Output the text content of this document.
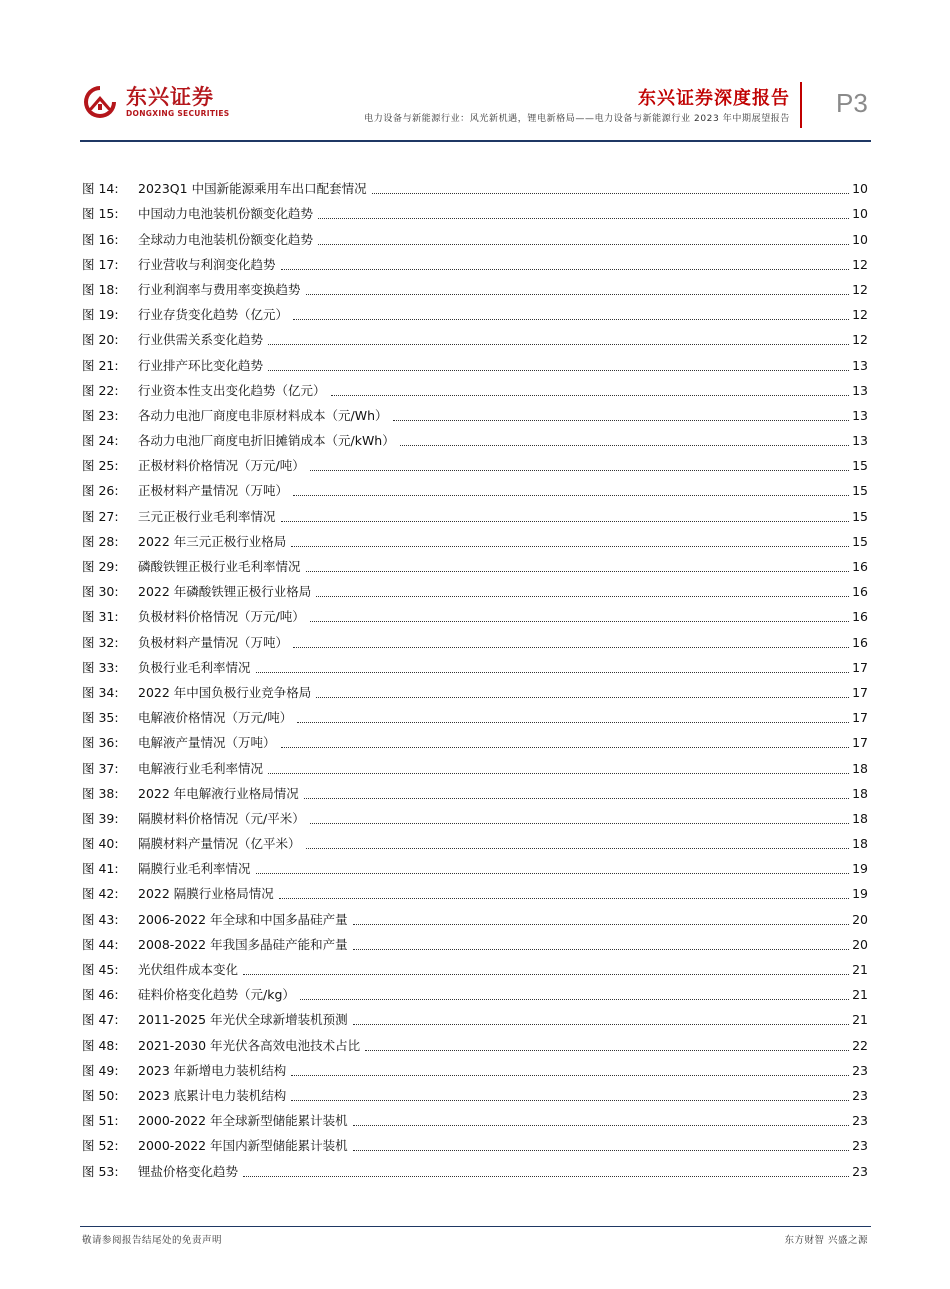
东兴证券
DONGXING SECURITIES
东兴证券深度报告
电力设备与新能源行业：风光新机遇，锂电新格局——电力设备与新能源行业 2023 年中期展望报告
P3
图 14:	2023Q1 中国新能源乘用车出口配套情况	10
图 15:	中国动力电池装机份额变化趋势	10
图 16:	全球动力电池装机份额变化趋势	10
图 17:	行业营收与利润变化趋势	12
图 18:	行业利润率与费用率变换趋势	12
图 19:	行业存货变化趋势（亿元）	12
图 20:	行业供需关系变化趋势	12
图 21:	行业排产环比变化趋势	13
图 22:	行业资本性支出变化趋势（亿元）	13
图 23:	各动力电池厂商度电非原材料成本（元/Wh）	13
图 24:	各动力电池厂商度电折旧摊销成本（元/kWh）	13
图 25:	正极材料价格情况（万元/吨）	15
图 26:	正极材料产量情况（万吨）	15
图 27:	三元正极行业毛利率情况	15
图 28:	2022 年三元正极行业格局	15
图 29:	磷酸铁锂正极行业毛利率情况	16
图 30:	2022 年磷酸铁锂正极行业格局	16
图 31:	负极材料价格情况（万元/吨）	16
图 32:	负极材料产量情况（万吨）	16
图 33:	负极行业毛利率情况	17
图 34:	2022 年中国负极行业竞争格局	17
图 35:	电解液价格情况（万元/吨）	17
图 36:	电解液产量情况（万吨）	17
图 37:	电解液行业毛利率情况	18
图 38:	2022 年电解液行业格局情况	18
图 39:	隔膜材料价格情况（元/平米）	18
图 40:	隔膜材料产量情况（亿平米）	18
图 41:	隔膜行业毛利率情况	19
图 42:	2022 隔膜行业格局情况	19
图 43:	2006-2022 年全球和中国多晶硅产量	20
图 44:	2008-2022 年我国多晶硅产能和产量	20
图 45:	光伏组件成本变化	21
图 46:	硅料价格变化趋势（元/kg）	21
图 47:	2011-2025 年光伏全球新增装机预测	21
图 48:	2021-2030 年光伏各高效电池技术占比	22
图 49:	2023 年新增电力装机结构	23
图 50:	2023 底累计电力装机结构	23
图 51:	2000-2022 年全球新型储能累计装机	23
图 52:	2000-2022 年国内新型储能累计装机	23
图 53:	锂盐价格变化趋势	23
敬请参阅报告结尾处的免责声明	东方财智 兴盛之源
